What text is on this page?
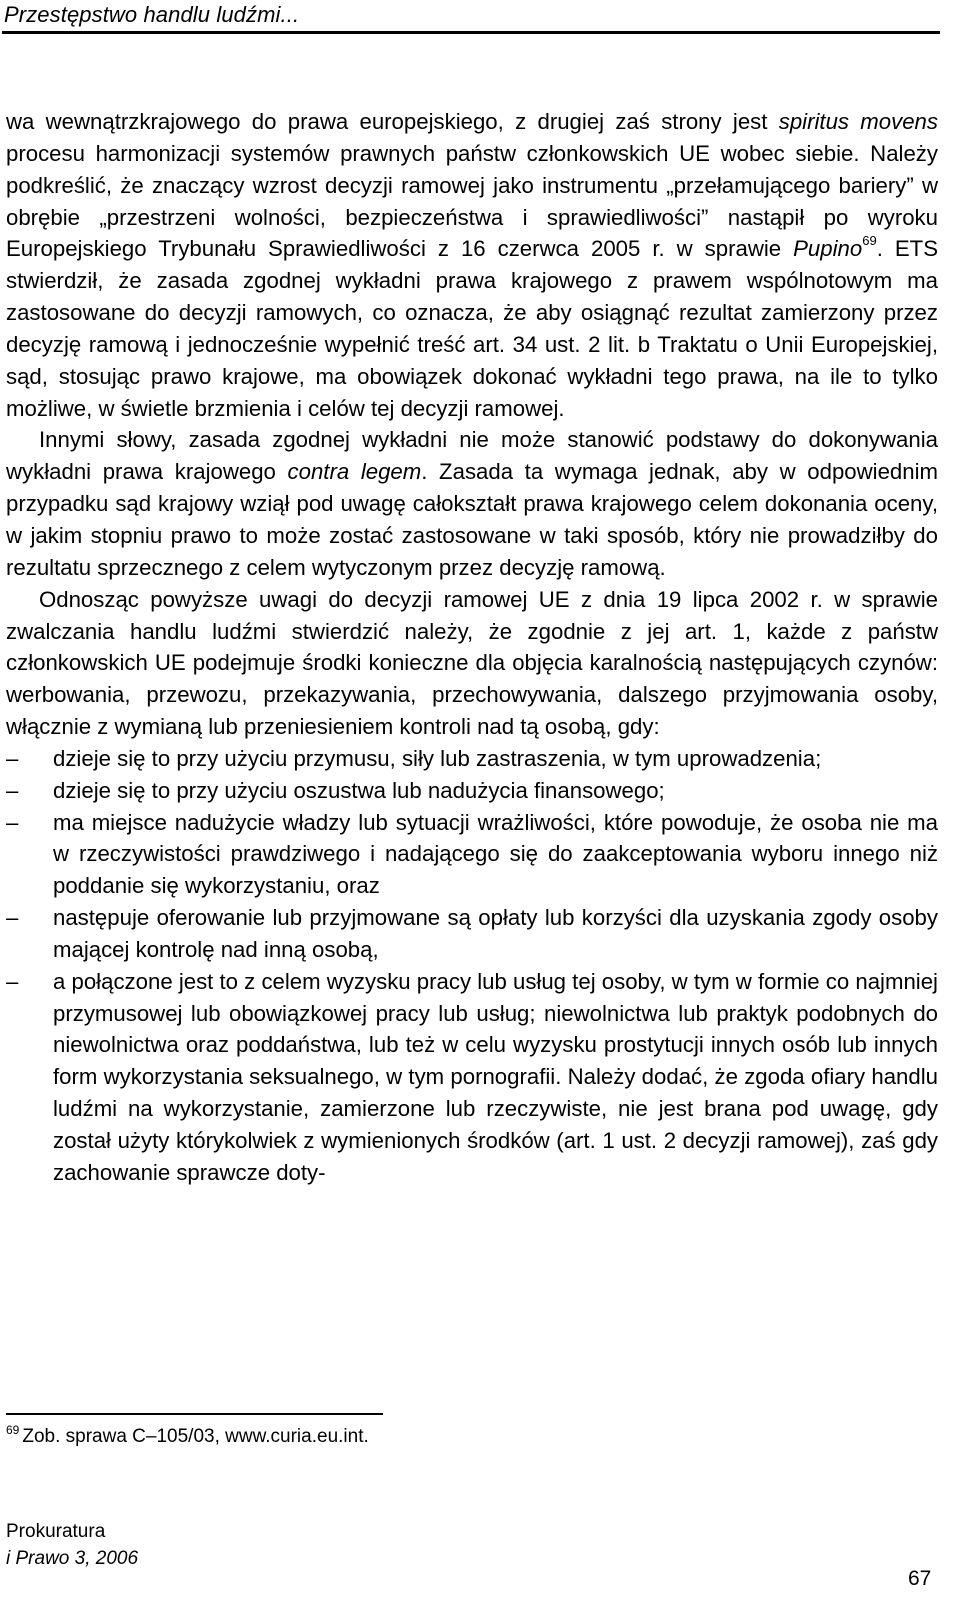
Przestępstwo handlu ludźmi...

wa wewnątrzkrajowego do prawa europejskiego, z drugiej zaś strony jest spiritus movens procesu harmonizacji systemów prawnych państw członkowskich UE wobec siebie. Należy podkreślić, że znaczący wzrost decyzji ramowej jako instrumentu „przełamującego bariery” w obrębie „przestrzeni wolności, bezpieczeństwa i sprawiedliwości” nastąpił po wyroku Europejskiego Trybunału Sprawiedliwości z 16 czerwca 2005 r. w sprawie Pupino$^{69}$. ETS stwierdził, że zasada zgodnej wykładni prawa krajowego z prawem wspólnotowym ma zastosowane do decyzji ramowych, co oznacza, że aby osiągnąć rezultat zamierzony przez decyzję ramową i jednocześnie wypełnić treść art. 34 ust. 2 lit. b Traktatu o Unii Europejskiej, sąd, stosując prawo krajowe, ma obowiązek dokonać wykładni tego prawa, na ile to tylko możliwe, w świetle brzmienia i celów tej decyzji ramowej.

Innymi słowy, zasada zgodnej wykładni nie może stanowić podstawy do dokonywania wykładni prawa krajowego contra legem. Zasada ta wymaga jednak, aby w odpowiednim przypadku sąd krajowy wziął pod uwagę całokształt prawa krajowego celem dokonania oceny, w jakim stopniu prawo to może zostać zastosowane w taki sposób, który nie prowadziłby do rezultatu sprzecznego z celem wytyczonym przez decyzję ramową.

Odnosząc powyższe uwagi do decyzji ramowej UE z dnia 19 lipca 2002 r. w sprawie zwalczania handlu ludźmi stwierdzić należy, że zgodnie z jej art. 1, każde z państw członkowskich UE podejmuje środki konieczne dla objęcia karalnością następujących czynów: werbowania, przewozu, przekazywania, przechowywania, dalszego przyjmowania osoby, włącznie z wymianą lub przeniesieniem kontroli nad tą osobą, gdy:

–	dzieje się to przy użyciu przymusu, siły lub zastraszenia, w tym uprowadzenia;
–	dzieje się to przy użyciu oszustwa lub nadużycia finansowego;
–	ma miejsce nadużycie władzy lub sytuacji wrażliwości, które powoduje, że osoba nie ma w rzeczywistości prawdziwego i nadającego się do zaakceptowania wyboru innego niż poddanie się wykorzystaniu, oraz
–	następuje oferowanie lub przyjmowane są opłaty lub korzyści dla uzyskania zgody osoby mającej kontrolę nad inną osobą,
–	a połączone jest to z celem wyzysku pracy lub usług tej osoby, w tym w formie co najmniej przymusowej lub obowiązkowej pracy lub usług; niewolnictwa lub praktyk podobnych do niewolnictwa oraz poddaństwa, lub też w celu wyzysku prostytucji innych osób lub innych form wykorzystania seksualnego, w tym pornografii. Należy dodać, że zgoda ofiary handlu ludźmi na wykorzystanie, zamierzone lub rzeczywiste, nie jest brana pod uwagę, gdy został użyty którykolwiek z wymienionych środków (art. 1 ust. 2 decyzji ramowej), zaś gdy zachowanie sprawcze doty-
$^{69}$ Zob. sprawa C–105/03, www.curia.eu.int.
Prokuratura
i Prawo 3, 2006
67
